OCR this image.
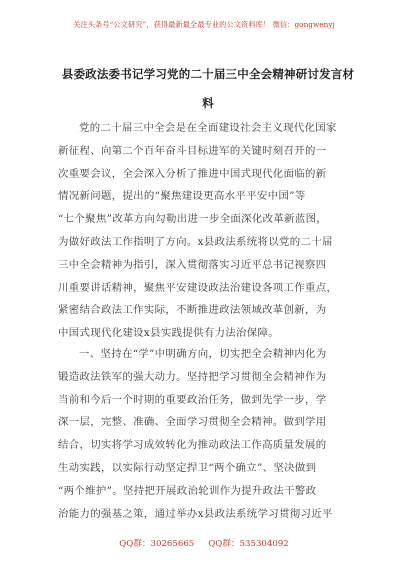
关注头条号“公文研究”，获得最新最全最专业的公文资料库！ 微信：gongwenyj
县委政法委书记学习党的二十届三中全会精神研讨发言材
料
党的二十届三中全会是在全面建设社会主义现代化国家
新征程、向第二个百年奋斗目标进军的关键时刻召开的一
次重要会议，全会深入分析了推进中国式现代化面临的新
情况新问题，提出的“聚焦建设更高水平平安中国”等
“七个聚焦”改革方向勾勒出进一步全面深化改革新蓝图，
为做好政法工作指明了方向。x县政法系统将以党的二十届
三中全会精神为指引，深入贯彻落实习近平总书记视察四
川重要讲话精神，聚焦平安建设政法治建设各项工作重点，
紧密结合政法工作实际，不断推进政法领域改革创新，为
中国式现代化建设x县实践提供有力法治保障。
一、坚持在“学”中明确方向，切实把全会精神内化为
锻造政法铁军的强大动力。坚持把学习贯彻全会精神作为
当前和今后一个时期的重要政治任务，做到先学一步，学
深一层，完整、准确、全面学习贯彻全会精神。做到学用
结合，切实将学习成效转化为推动政法工作高质量发展的
生动实践，以实际行动坚定捍卫“两个确立”、坚决做到
“两个维护”。坚持把开展政治轮训作为提升政法干警政
治能力的强基之策，通过举办x县政法系统学习贯彻习近平
QQ群：30265665 QQ群：535304092
